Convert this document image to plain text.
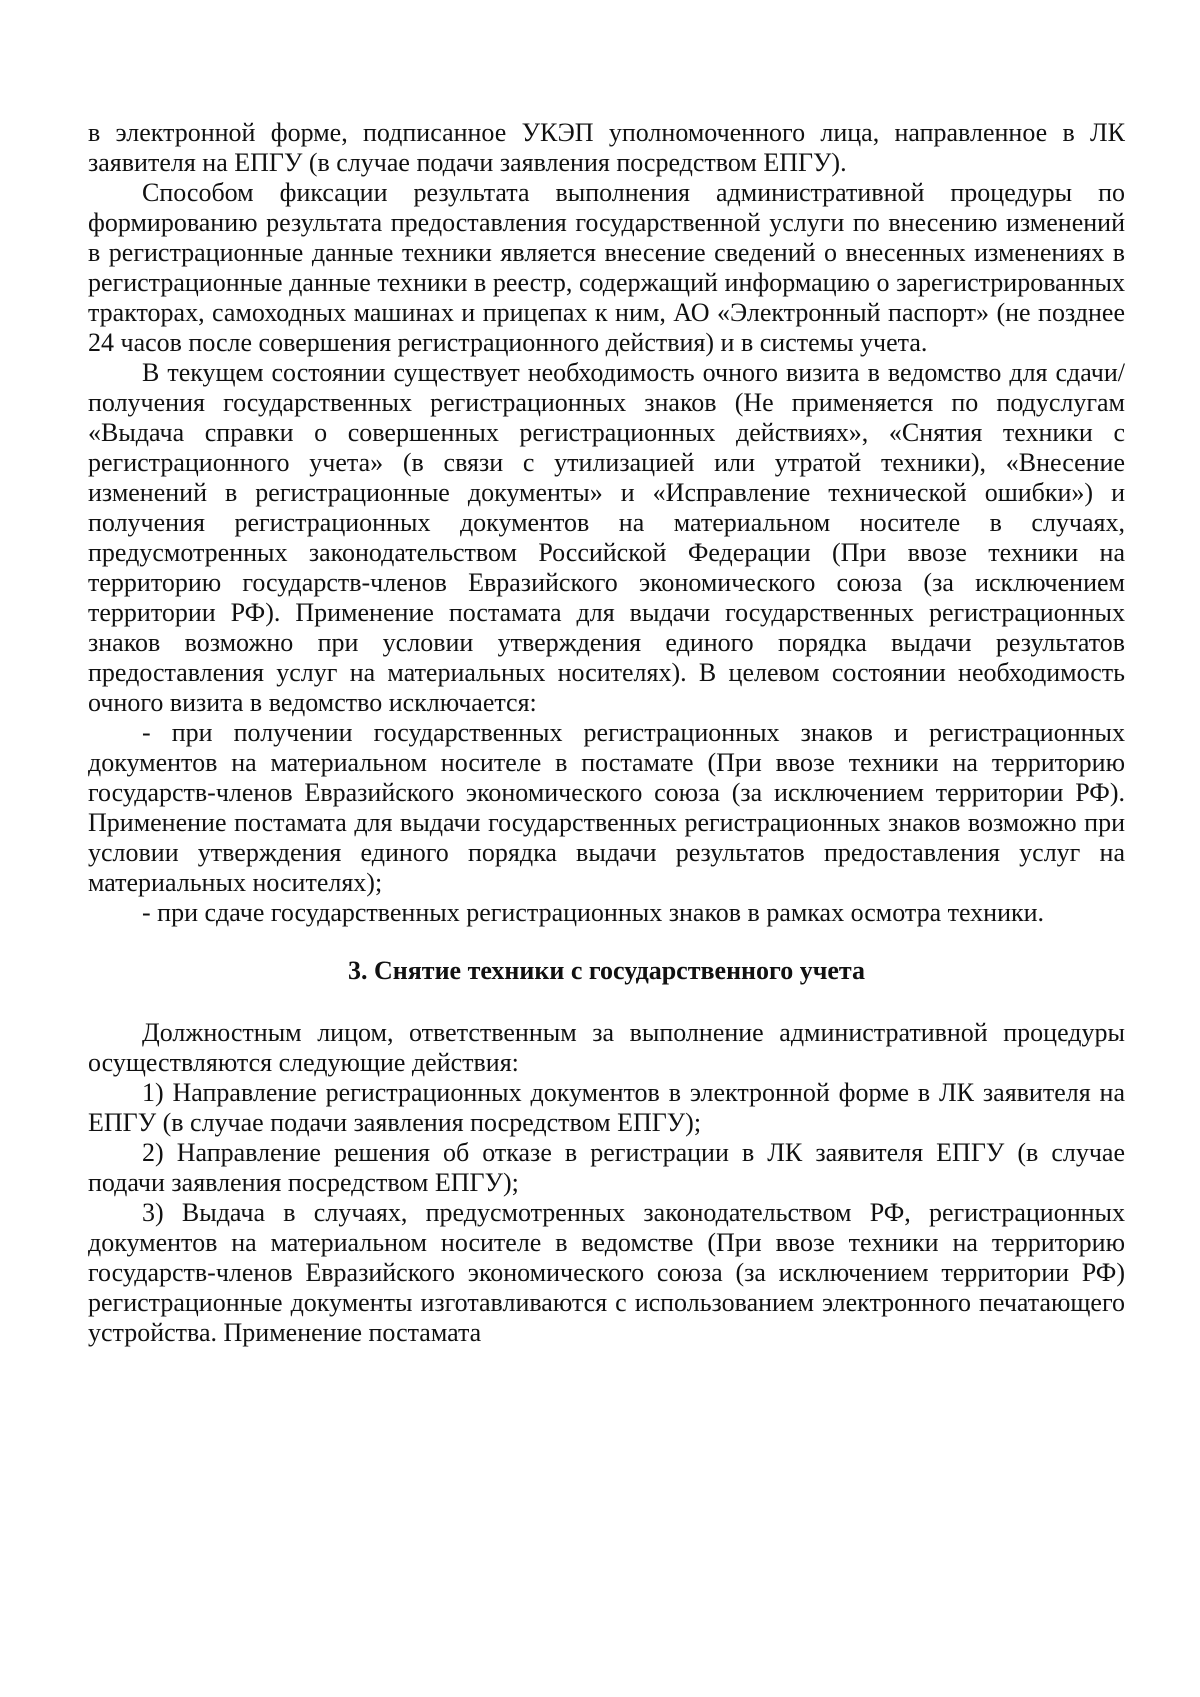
в электронной форме, подписанное УКЭП уполномоченного лица, направленное в ЛК заявителя на ЕПГУ (в случае подачи заявления посредством ЕПГУ).

Способом фиксации результата выполнения административной процедуры по формированию результата предоставления государственной услуги по внесению изменений в регистрационные данные техники является внесение сведений о внесенных изменениях в регистрационные данные техники в реестр, содержащий информацию о зарегистрированных тракторах, самоходных машинах и прицепах к ним, АО «Электронный паспорт» (не позднее 24 часов после совершения регистрационного действия) и в системы учета.

В текущем состоянии существует необходимость очного визита в ведомство для сдачи/получения государственных регистрационных знаков (Не применяется по подуслугам «Выдача справки о совершенных регистрационных действиях», «Снятия техники с регистрационного учета» (в связи с утилизацией или утратой техники), «Внесение изменений в регистрационные документы» и «Исправление технической ошибки») и получения регистрационных документов на материальном носителе в случаях, предусмотренных законодательством Российской Федерации (При ввозе техники на территорию государств-членов Евразийского экономического союза (за исключением территории РФ). Применение постамата для выдачи государственных регистрационных знаков возможно при условии утверждения единого порядка выдачи результатов предоставления услуг на материальных носителях). В целевом состоянии необходимость очного визита в ведомство исключается:

- при получении государственных регистрационных знаков и регистрационных документов на материальном носителе в постамате (При ввозе техники на территорию государств-членов Евразийского экономического союза (за исключением территории РФ). Применение постамата для выдачи государственных регистрационных знаков возможно при условии утверждения единого порядка выдачи результатов предоставления услуг на материальных носителях);

- при сдаче государственных регистрационных знаков в рамках осмотра техники.

3. Снятие техники с государственного учета

Должностным лицом, ответственным за выполнение административной процедуры осуществляются следующие действия:

1) Направление регистрационных документов в электронной форме в ЛК заявителя на ЕПГУ (в случае подачи заявления посредством ЕПГУ);

2) Направление решения об отказе в регистрации в ЛК заявителя ЕПГУ (в случае подачи заявления посредством ЕПГУ);

3) Выдача в случаях, предусмотренных законодательством РФ, регистрационных документов на материальном носителе в ведомстве (При ввозе техники на территорию государств-членов Евразийского экономического союза (за исключением территории РФ) регистрационные документы изготавливаются с использованием электронного печатающего устройства. Применение постамата
